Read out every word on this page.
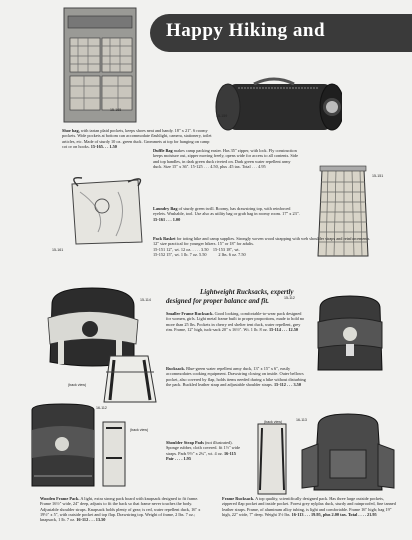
Happy Hiking and
15-165
Shoe bag, with tartan plaid pockets, keeps shoes neat and handy. 18" x 21". 6 roomy pockets. Wide pockets at bottom can accommodate flashlight, camera, stationery, toilet articles, etc. Made of sturdy 10 oz. green duck. Grommets at top for hanging on camp cot or on hooks. 15-165. . . 1.50
15-159
Duffle Bag makes camp packing easier. Has 35" zipper, with lock. Fly construction keeps moisture out, zipper moving freely, opens wide for access to all contents. Side and top handles, in dark green duck riveted on. Dark green water repellent army duck. Size 15" x 36". 15-125 . . . 4.50, plus .45 tax. Total . . . 4.95
15-161
Laundry Bag of sturdy green twill. Roomy, has drawstring top, with reinforced eyelets. Washable, tool. Use also as utility bag or grab bag in roomy room. 17" x 23". 15-161 . . . 1.00
15-151
Pack Basket for toting hike and camp supplies. Strongly woven wood strapping with web shoulder straps and reinforcements. 12" size practical for younger hikers. 15" or 18" for adults.
15-151 12", wt. 12 oz. . . . . 3.50    15-153 18", wt.
15-152 15", wt. 1 lb. 7 oz. 5.50           2 lbs. 6 oz. 7.50
Lightweight Rucksacks, expertly
designed for proper balance and fit.
15-114
(back view)
Smaller Frame Rucksack. Good looking, comfortable-to-wear pack designed for women, girls. Light metal frame built to proper proportions, made to hold no more than 25 lbs. Pockets in cherry red shelter tent duck, water repellent, grey rim. Frame, 12" high, tuck-sack 20" x 16½". Wt. 1 lb. 8 oz. 15-114 . . . 12.50
15-112
Rucksack. Blue-green water repellent army duck, 13" x 15" x 6", easily accommodates cooking equipment. Drawstring closing on inside. Outer bellows pocket, also covered by flap, holds items needed during a hike without disturbing the pack. Buckled leather strap and adjustable shoulder straps. 15-112 . . . 3.50
16-112
(back view)
Shoulder Strap Pads (not illustrated). Sponge rubber, cloth covered. fit 1½" wide straps. Pads 9½" x 2¾", wt. 4 oz. 16-115 Pair . . . . 1.95
(back view)	16-113
Wooden Frame Pack. A light, extra strong pack board with knapsack designed to fit frame. Frame 16½" wide, 24" deep, adjusts to fit the back so that frame never touches the body. Adjustable shoulder straps. Knapsack holds plenty of gear; is red, water repellent duck, 16" x 19½" x 5", with outside pocket and top flap. Drawstring top. Weight of frame, 2 lbs. 7 oz.; knapsack, 1 lb. 7 oz. 16-112 . . . 13.50
Frame Rucksack. A top quality, scientifically designed pack. Has three large outside pockets, zippered flap pocket and inside pocket. Forest grey nylplax duck, sturdy and rainproofed, fine tanned leather straps. Frame, of aluminum alloy tubing, is light and comfortable. Frame 16" high; bag 19" high, 22" wide, 7" deep. Weight 3½ lbs. 16-113 . . . 19.95, plus 2.00 tax. Total . . . . 21.95
